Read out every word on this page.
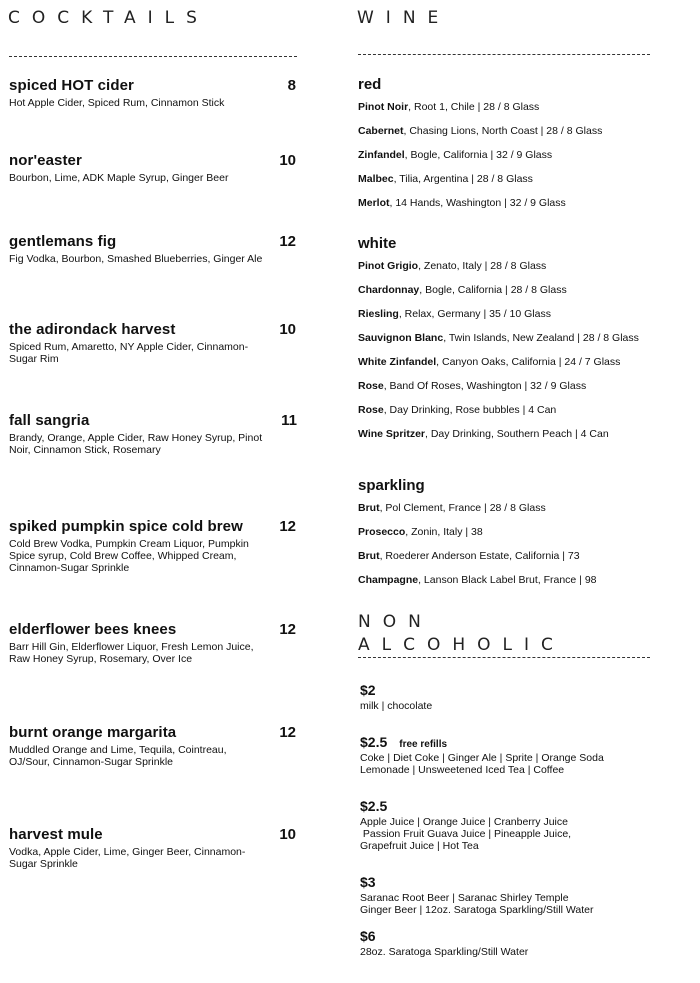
COCKTAILS
spiced HOT cider	8
Hot Apple Cider, Spiced Rum, Cinnamon Stick
nor'easter	10
Bourbon, Lime, ADK Maple Syrup, Ginger Beer
gentlemans fig	12
Fig Vodka, Bourbon, Smashed Blueberries, Ginger Ale
the adirondack harvest	10
Spiced Rum, Amaretto, NY Apple Cider, Cinnamon-Sugar Rim
fall sangria	11
Brandy, Orange, Apple Cider, Raw Honey Syrup, Pinot Noir, Cinnamon Stick, Rosemary
spiked pumpkin spice cold brew 12
Cold Brew Vodka, Pumpkin Cream Liquor, Pumpkin Spice syrup, Cold Brew Coffee, Whipped Cream, Cinnamon-Sugar Sprinkle
elderflower bees knees	12
Barr Hill Gin, Elderflower Liquor, Fresh Lemon Juice, Raw Honey Syrup, Rosemary, Over Ice
burnt orange margarita	12
Muddled Orange and Lime, Tequila, Cointreau, OJ/Sour, Cinnamon-Sugar Sprinkle
harvest mule	10
Vodka, Apple Cider, Lime, Ginger Beer, Cinnamon-Sugar Sprinkle
WINE
red
Pinot Noir, Root 1, Chile | 28 / 8 Glass
Cabernet, Chasing Lions, North Coast | 28 / 8 Glass
Zinfandel, Bogle, California | 32 / 9 Glass
Malbec, Tilia, Argentina | 28 / 8 Glass
Merlot, 14 Hands, Washington | 32 / 9 Glass
white
Pinot Grigio, Zenato, Italy | 28 / 8 Glass
Chardonnay, Bogle, California | 28 / 8 Glass
Riesling, Relax, Germany | 35 / 10 Glass
Sauvignon Blanc, Twin Islands, New Zealand | 28 / 8 Glass
White Zinfandel, Canyon Oaks, California | 24 / 7 Glass
Rose, Band Of Roses, Washington | 32 / 9 Glass
Rose, Day Drinking, Rose bubbles | 4 Can
Wine Spritzer, Day Drinking, Southern Peach | 4 Can
sparkling
Brut, Pol Clement, France | 28 / 8 Glass
Prosecco, Zonin, Italy | 38
Brut, Roederer Anderson Estate, California | 73
Champagne, Lanson Black Label Brut, France | 98
NON
ALCOHOLIC
$2
milk | chocolate
$2.5 free refills
Coke | Diet Coke | Ginger Ale | Sprite | Orange Soda
Lemonade | Unsweetened Iced Tea | Coffee
$2.5
Apple Juice | Orange Juice | Cranberry Juice
Passion Fruit Guava Juice | Pineapple Juice,
Grapefruit Juice | Hot Tea
$3
Saranac Root Beer | Saranac Shirley Temple
Ginger Beer | 12oz. Saratoga Sparkling/Still Water
$6
28oz. Saratoga Sparkling/Still Water
